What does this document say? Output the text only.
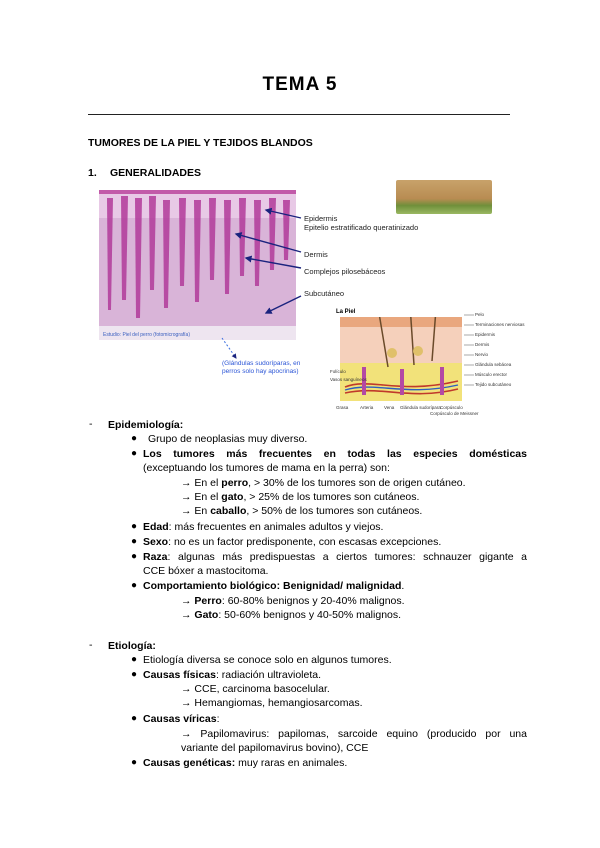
TEMA 5
TUMORES DE LA PIEL Y TEJIDOS BLANDOS
1. GENERALIDADES
Estudio: Piel del perro (fotomicrografía)
Epidermis
Epitelio estratificado queratinizado
Dermis
Complejos pilosebáceos
Subcutáneo
(Glándulas sudoríparas, en
perros solo hay apocrinas)
La Piel	Pelo
Terminaciones nerviosas
Epidermis
Dermis
Nervio
Glándula sebácea
Músculo erector
Tejido subcutáneo
Folículo
Vasos sanguíneos
Grasa	Arteria Vena Glándula sudorípara Corpúsculo
Corpúsculo de Meissner
- Epidemiología:
● Grupo de neoplasias muy diverso.
● Los tumores más frecuentes en todas las especies domésticas
(exceptuando los tumores de mama en la perra) son:
→ En el perro, > 30% de los tumores son de origen cutáneo.
→ En el gato, > 25% de los tumores son cutáneos.
→ En caballo, > 50% de los tumores son cutáneos.
● Edad: más frecuentes en animales adultos y viejos.
● Sexo: no es un factor predisponente, con escasas excepciones.
● Raza: algunas más predispuestas a ciertos tumores: schnauzer gigante a
CCE bóxer a mastocitoma.
● Comportamiento biológico: Benignidad/ malignidad.
→ Perro: 60-80% benignos y 20-40% malignos.
→ Gato: 50-60% benignos y 40-50% malignos.
- Etiología:
● Etiología diversa se conoce solo en algunos tumores.
● Causas físicas: radiación ultravioleta.
→ CCE, carcinoma basocelular.
→ Hemangiomas, hemangiosarcomas.
● Causas víricas:
→ Papilomavirus: papilomas, sarcoide equino (producido por una
variante del papilomavirus bovino), CCE
● Causas genéticas: muy raras en animales.
